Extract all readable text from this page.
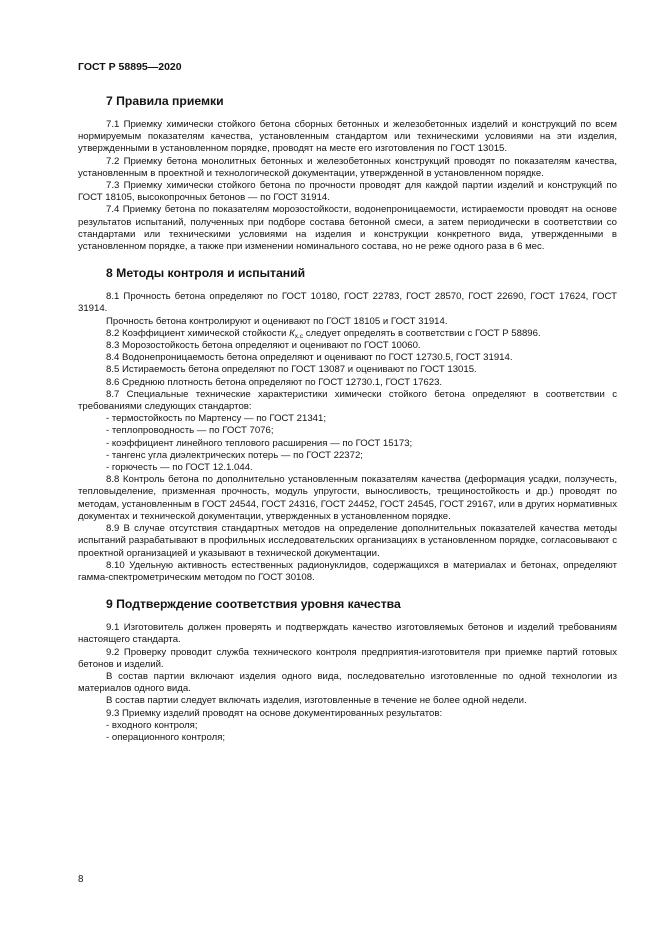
ГОСТ Р 58895—2020
7 Правила приемки

7.1 Приемку химически стойкого бетона сборных бетонных и железобетонных изделий и конструкций по всем нормируемым показателям качества, установленным стандартом или техническими условиями на эти изделия, утвержденными в установленном порядке, проводят на месте его изготовления по ГОСТ 13015.

7.2 Приемку бетона монолитных бетонных и железобетонных конструкций проводят по показателям качества, установленным в проектной и технологической документации, утвержденной в установленном порядке.

7.3 Приемку химически стойкого бетона по прочности проводят для каждой партии изделий и конструкций по ГОСТ 18105, высокопрочных бетонов — по ГОСТ 31914.

7.4 Приемку бетона по показателям морозостойкости, водонепроницаемости, истираемости проводят на основе результатов испытаний, полученных при подборе состава бетонной смеси, а затем периодически в соответствии со стандартами или техническими условиями на изделия и конструкции конкретного вида, утвержденными в установленном порядке, а также при изменении номинального состава, но не реже одного раза в 6 мес.

8 Методы контроля и испытаний

8.1 Прочность бетона определяют по ГОСТ 10180, ГОСТ 22783, ГОСТ 28570, ГОСТ 22690, ГОСТ 17624, ГОСТ 31914.

Прочность бетона контролируют и оценивают по ГОСТ 18105 и ГОСТ 31914.

8.2 Коэффициент химической стойкости $К_{х.с}$ следует определять в соответствии с ГОСТ Р 58896.

8.3 Морозостойкость бетона определяют и оценивают по ГОСТ 10060.

8.4 Водонепроницаемость бетона определяют и оценивают по ГОСТ 12730.5, ГОСТ 31914.

8.5 Истираемость бетона определяют по ГОСТ 13087 и оценивают по ГОСТ 13015.

8.6 Среднюю плотность бетона определяют по ГОСТ 12730.1, ГОСТ 17623.

8.7 Специальные технические характеристики химически стойкого бетона определяют в соответствии с требованиями следующих стандартов:

- термостойкость по Мартенсу — по ГОСТ 21341;

- теплопроводность — по ГОСТ 7076;

- коэффициент линейного теплового расширения — по ГОСТ 15173;

- тангенс угла диэлектрических потерь — по ГОСТ 22372;

- горючесть — по ГОСТ 12.1.044.

8.8 Контроль бетона по дополнительно установленным показателям качества (деформация усадки, ползучесть, тепловыделение, призменная прочность, модуль упругости, выносливость, трещиностойкость и др.) проводят по методам, установленным в ГОСТ 24544, ГОСТ 24316, ГОСТ 24452, ГОСТ 24545, ГОСТ 29167, или в других нормативных документах и технической документации, утвержденных в установленном порядке.

8.9 В случае отсутствия стандартных методов на определение дополнительных показателей качества методы испытаний разрабатывают в профильных исследовательских организациях в установленном порядке, согласовывают с проектной организацией и указывают в технической документации.

8.10 Удельную активность естественных радионуклидов, содержащихся в материалах и бетонах, определяют гамма-спектрометрическим методом по ГОСТ 30108.

9 Подтверждение соответствия уровня качества

9.1 Изготовитель должен проверять и подтверждать качество изготовляемых бетонов и изделий требованиям настоящего стандарта.

9.2 Проверку проводит служба технического контроля предприятия-изготовителя при приемке партий готовых бетонов и изделий.

В состав партии включают изделия одного вида, последовательно изготовленные по одной технологии из материалов одного вида.

В состав партии следует включать изделия, изготовленные в течение не более одной недели.

9.3 Приемку изделий проводят на основе документированных результатов:

- входного контроля;

- операционного контроля;

8
